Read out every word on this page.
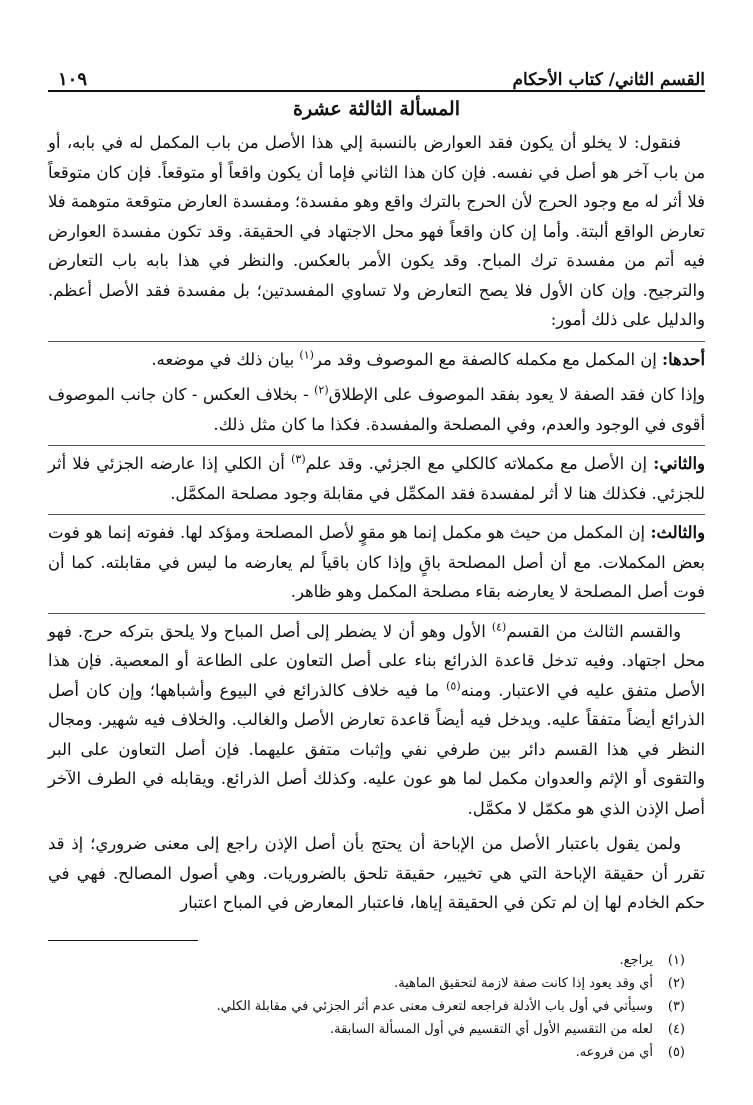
القسم الثاني/ كتاب الأحكام
١٠٩
المسألة الثالثة عشرة

فنقول: لا يخلو أن يكون فقد العوارض بالنسبة إلي هذا الأصل من باب المكمل له في بابه، أو من باب آخر هو أصل في نفسه. فإن كان هذا الثاني فإما أن يكون واقعاً أو متوقعاً. فإن كان متوقعاً فلا أثر له مع وجود الحرج لأن الحرج بالترك واقع وهو مفسدة؛ ومفسدة العارض متوقعة متوهمة فلا تعارض الواقع ألبتة. وأما إن كان واقعاً فهو محل الاجتهاد في الحقيقة. وقد تكون مفسدة العوارض فيه أتم من مفسدة ترك المباح. وقد يكون الأمر بالعكس. والنظر في هذا بابه باب التعارض والترجيح. وإن كان الأول فلا يصح التعارض ولا تساوي المفسدتين؛ بل مفسدة فقد الأصل أعظم. والدليل على ذلك أمور:

أحدها: إن المكمل مع مكمله كالصفة مع الموصوف وقد مر$^{(١)}$ بيان ذلك في موضعه.

وإذا كان فقد الصفة لا يعود بفقد الموصوف على الإطلاق$^{(٢)}$ - بخلاف العكس - كان جانب الموصوف أقوى في الوجود والعدم، وفي المصلحة والمفسدة. فكذا ما كان مثل ذلك.

والثاني: إن الأصل مع مكملاته كالكلي مع الجزئي. وقد علم$^{(٣)}$ أن الكلي إذا عارضه الجزئي فلا أثر للجزئي. فكذلك هنا لا أثر لمفسدة فقد المكمِّل في مقابلة وجود مصلحة المكمَّل.

والثالث: إن المكمل من حيث هو مكمل إنما هو مقوٍ لأصل المصلحة ومؤكد لها. ففوته إنما هو فوت بعض المكملات. مع أن أصل المصلحة باقٍ وإذا كان باقياً لم يعارضه ما ليس في مقابلته. كما أن فوت أصل المصلحة لا يعارضه بقاء مصلحة المكمل وهو ظاهر.

والقسم الثالث من القسم$^{(٤)}$ الأول وهو أن لا يضطر إلى أصل المباح ولا يلحق بتركه حرج. فهو محل اجتهاد. وفيه تدخل قاعدة الذرائع بناء على أصل التعاون على الطاعة أو المعصية. فإن هذا الأصل متفق عليه في الاعتبار. ومنه$^{(٥)}$ ما فيه خلاف كالذرائع في البيوع وأشباهها؛ وإن كان أصل الذرائع أيضاً متفقاً عليه. ويدخل فيه أيضاً قاعدة تعارض الأصل والغالب. والخلاف فيه شهير. ومجال النظر في هذا القسم دائر بين طرفي نفي وإثبات متفق عليهما. فإن أصل التعاون على البر والتقوى أو الإثم والعدوان مكمل لما هو عون عليه. وكذلك أصل الذرائع. ويقابله في الطرف الآخر أصل الإذن الذي هو مكمّل لا مكمَّل.

ولمن يقول باعتبار الأصل من الإباحة أن يحتج بأن أصل الإذن راجع إلى معنى ضروري؛ إذ قد تقرر أن حقيقة الإباحة التي هي تخيير، حقيقة تلحق بالضروريات. وهي أصول المصالح. فهي في حكم الخادم لها إن لم تكن في الحقيقة إياها، فاعتبار المعارض في المباح اعتبار

(١)
يراجع.
(٢)
أي وقد يعود إذا كانت صفة لازمة لتحقيق الماهية.
(٣)
وسيأتي في أول باب الأدلة فراجعه لتعرف معنى عدم أثر الجزئي في مقابلة الكلي.
(٤)
لعله من التقسيم الأول أي التقسيم في أول المسألة السابقة.
(٥)
أي من فروعه.
